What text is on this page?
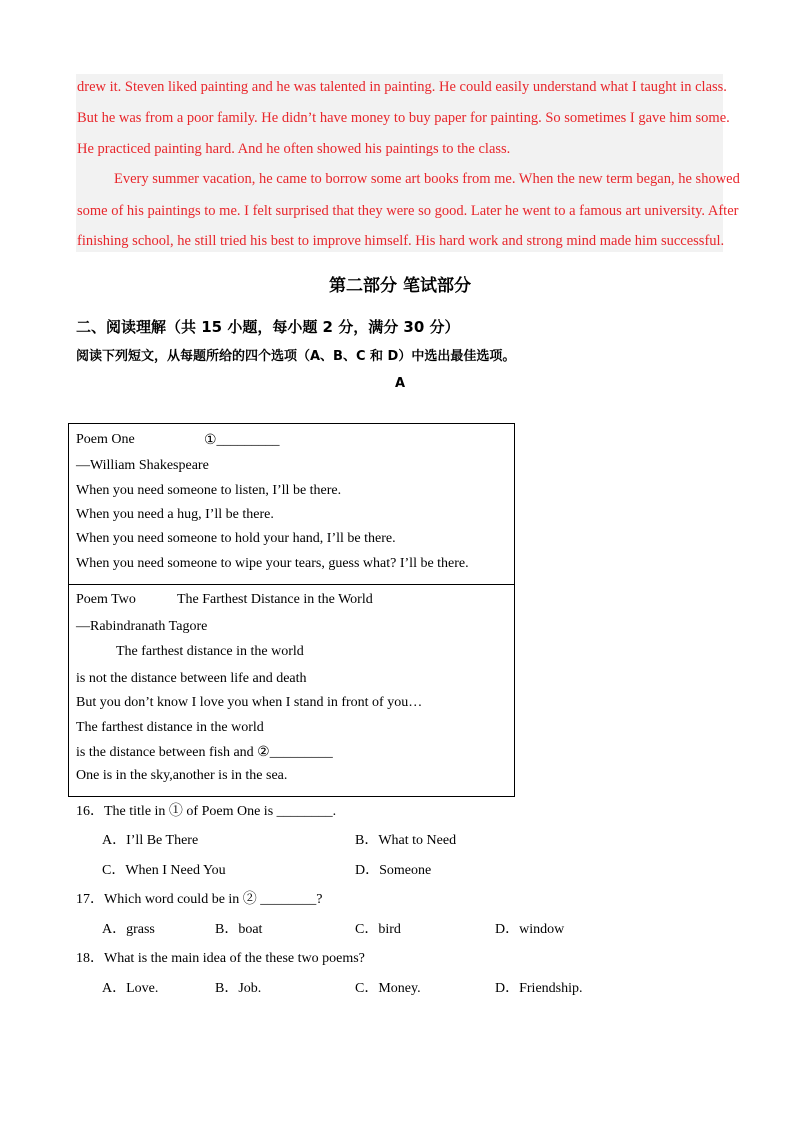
drew it. Steven liked painting and he was talented in painting. He could easily understand what I taught in class.
But he was from a poor family. He didn’t have money to buy paper for painting. So sometimes I gave him some.
He practiced painting hard. And he often showed his paintings to the class.
Every summer vacation, he came to borrow some art books from me. When the new term began, he showed
some of his paintings to me. I felt surprised that they were so good. Later he went to a famous art university. After
finishing school, he still tried his best to improve himself. His hard work and strong mind made him successful.
第二部分 笔试部分
二、阅读理解（共 15 小题，每小题 2 分，满分 30 分）
阅读下列短文，从每题所给的四个选项（A、B、C 和 D）中选出最佳选项。
A
Poem One	①_________
—William Shakespeare
When you need someone to listen, I’ll be there.
When you need a hug, I’ll be there.
When you need someone to hold your hand, I’ll be there.
When you need someone to wipe your tears, guess what? I’ll be there.
Poem Two	The Farthest Distance in the World
—Rabindranath Tagore
The farthest distance in the world
is not the distance between life and death
But you don’t know I love you when I stand in front of you…
The farthest distance in the world
is the distance between fish and ②_________
One is in the sky,another is in the sea.
16．The title in ① of Poem One is ________.
A．I’ll Be There	B．What to Need
C．When I Need You	D．Someone
17．Which word could be in ② ________?
A．grass	B．boat	C．bird	D．window
18．What is the main idea of the these two poems?
A．Love.	B．Job.	C．Money.	D．Friendship.
